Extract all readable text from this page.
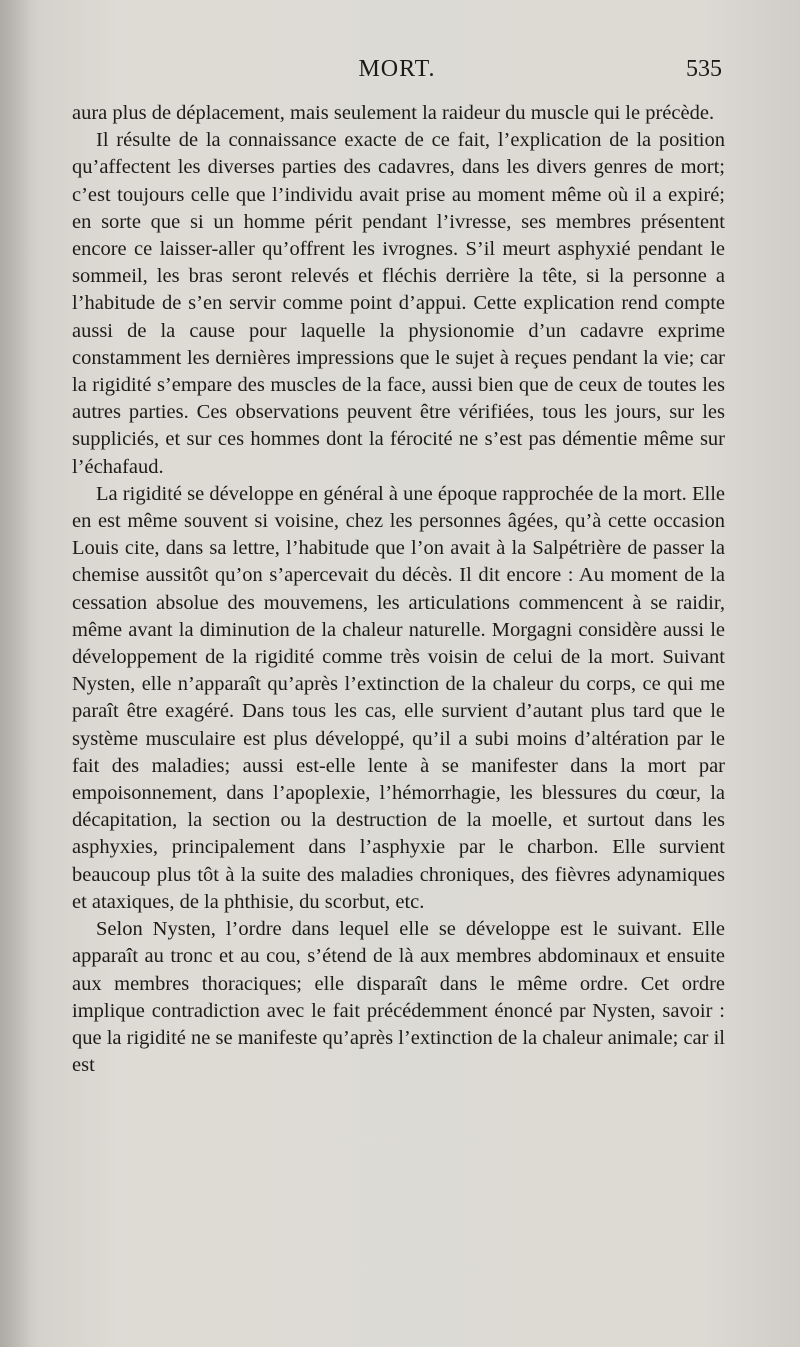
MORT.	535

aura plus de déplacement, mais seulement la raideur du muscle qui le précède.

Il résulte de la connaissance exacte de ce fait, l’explication de la position qu’affectent les diverses parties des cadavres, dans les divers genres de mort; c’est toujours celle que l’individu avait prise au moment même où il a expiré; en sorte que si un homme périt pendant l’ivresse, ses membres présentent encore ce laisser-aller qu’offrent les ivrognes. S’il meurt asphyxié pendant le sommeil, les bras seront relevés et fléchis derrière la tête, si la personne a l’habitude de s’en servir comme point d’appui. Cette explication rend compte aussi de la cause pour laquelle la physionomie d’un cadavre exprime constamment les dernières impressions que le sujet à reçues pendant la vie; car la rigidité s’empare des muscles de la face, aussi bien que de ceux de toutes les autres parties. Ces observations peuvent être vérifiées, tous les jours, sur les suppliciés, et sur ces hommes dont la férocité ne s’est pas démentie même sur l’échafaud.

La rigidité se développe en général à une époque rapprochée de la mort. Elle en est même souvent si voisine, chez les personnes âgées, qu’à cette occasion Louis cite, dans sa lettre, l’habitude que l’on avait à la Salpétrière de passer la chemise aussitôt qu’on s’apercevait du décès. Il dit encore : Au moment de la cessation absolue des mouvemens, les articulations commencent à se raidir, même avant la diminution de la chaleur naturelle. Morgagni considère aussi le développement de la rigidité comme très voisin de celui de la mort. Suivant Nysten, elle n’apparaît qu’après l’extinction de la chaleur du corps, ce qui me paraît être exagéré. Dans tous les cas, elle survient d’autant plus tard que le système musculaire est plus développé, qu’il a subi moins d’altération par le fait des maladies; aussi est-elle lente à se manifester dans la mort par empoisonnement, dans l’apoplexie, l’hémorrhagie, les blessures du cœur, la décapitation, la section ou la destruction de la moelle, et surtout dans les asphyxies, principalement dans l’asphyxie par le charbon. Elle survient beaucoup plus tôt à la suite des maladies chroniques, des fièvres adynamiques et ataxiques, de la phthisie, du scorbut, etc.

Selon Nysten, l’ordre dans lequel elle se développe est le suivant. Elle apparaît au tronc et au cou, s’étend de là aux membres abdominaux et ensuite aux membres thoraciques; elle disparaît dans le même ordre. Cet ordre implique contradiction avec le fait précédemment énoncé par Nysten, savoir : que la rigidité ne se manifeste qu’après l’extinction de la chaleur animale; car il est
